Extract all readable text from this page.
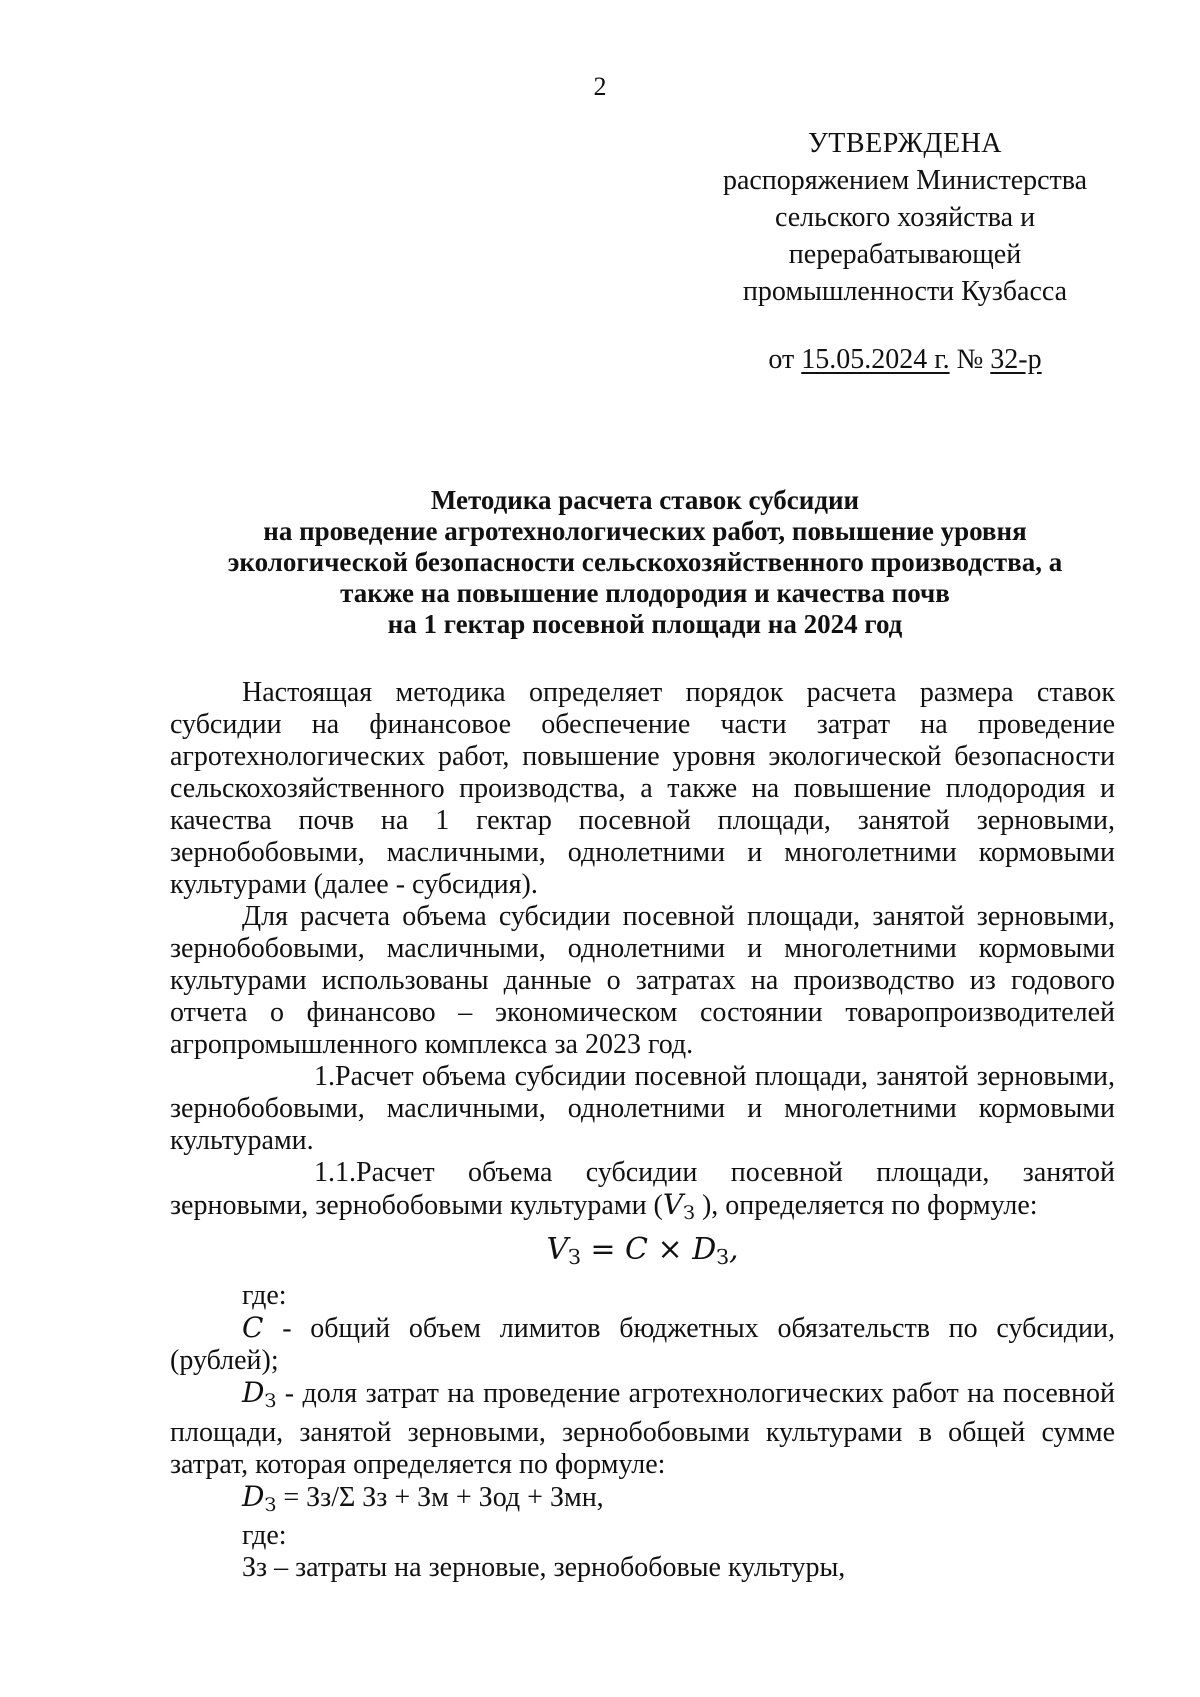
2
УТВЕРЖДЕНА
распоряжением Министерства
сельского хозяйства и
перерабатывающей
промышленности Кузбасса
от 15.05.2024 г. № 32-р
Методика расчета ставок субсидии
на проведение агротехнологических работ, повышение уровня
экологической безопасности сельскохозяйственного производства, а
также на повышение плодородия и качества почв
на 1 гектар посевной площади на 2024 год

Настоящая методика определяет порядок расчета размера ставок субсидии на финансовое обеспечение части затрат на проведение агротехнологических работ, повышение уровня экологической безопасности сельскохозяйственного производства, а также на повышение плодородия и качества почв на 1 гектар посевной площади, занятой зерновыми, зернобобовыми, масличными, однолетними и многолетними кормовыми культурами (далее - субсидия).

Для расчета объема субсидии посевной площади, занятой зерновыми, зернобобовыми, масличными, однолетними и многолетними кормовыми культурами использованы данные о затратах на производство из годового отчета о финансово – экономическом состоянии товаропроизводителей агропромышленного комплекса за 2023 год.

1.Расчет объема субсидии посевной площади, занятой зерновыми, зернобобовыми, масличными, однолетними и многолетними кормовыми культурами.

1.1.Расчет объема субсидии посевной площади, занятой зерновыми, зернобобовыми культурами ($V_З$ ), определяется по формуле:

$V_З = C \times D_З$,

где:

C - общий объем лимитов бюджетных обязательств по субсидии, (рублей);

$D_З$ - доля затрат на проведение агротехнологических работ на посевной площади, занятой зерновыми, зернобобовыми культурами в общей сумме затрат, которая определяется по формуле:

$D_З = Зз/\Sigma$ Зз + Зм + Зод + Змн,

где:

Зз – затраты на зерновые, зернобобовые культуры,
